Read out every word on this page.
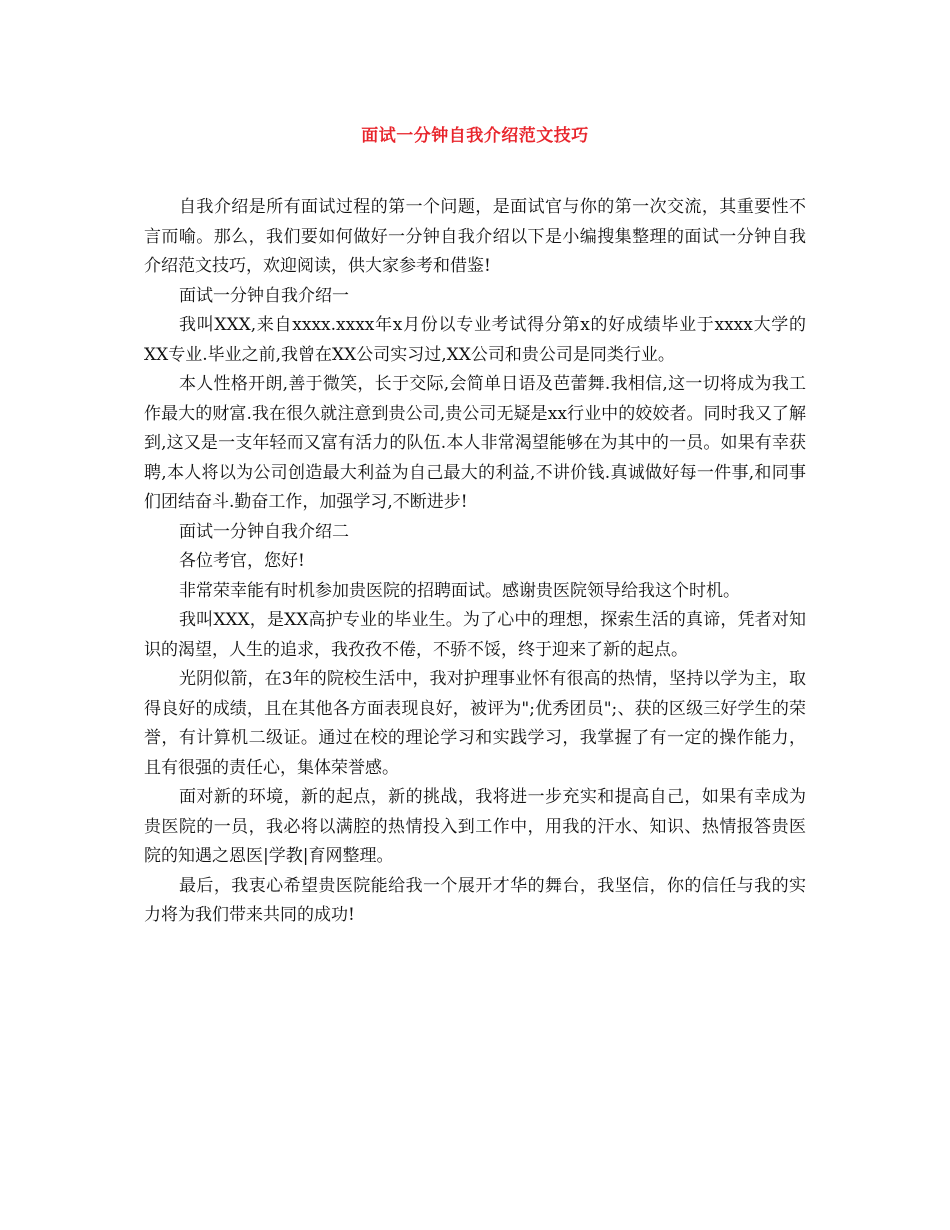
面试一分钟自我介绍范文技巧

自我介绍是所有面试过程的第一个问题，是面试官与你的第一次交流，其重要性不言而喻。那么，我们要如何做好一分钟自我介绍以下是小编搜集整理的面试一分钟自我介绍范文技巧，欢迎阅读，供大家参考和借鉴!

面试一分钟自我介绍一

我叫XXX,来自xxxx.xxxx年x月份以专业考试得分第x的好成绩毕业于xxxx大学的XX专业.毕业之前,我曾在XX公司实习过,XX公司和贵公司是同类行业。

本人性格开朗,善于微笑，长于交际,会简单日语及芭蕾舞.我相信,这一切将成为我工作最大的财富.我在很久就注意到贵公司,贵公司无疑是xx行业中的姣姣者。同时我又了解到,这又是一支年轻而又富有活力的队伍.本人非常渴望能够在为其中的一员。如果有幸获聘,本人将以为公司创造最大利益为自己最大的利益,不讲价钱.真诚做好每一件事,和同事们团结奋斗.勤奋工作，加强学习,不断进步!

面试一分钟自我介绍二

各位考官，您好!

非常荣幸能有时机参加贵医院的招聘面试。感谢贵医院领导给我这个时机。

我叫XXX，是XX高护专业的毕业生。为了心中的理想，探索生活的真谛，凭者对知识的渴望，人生的追求，我孜孜不倦，不骄不馁，终于迎来了新的起点。

光阴似箭，在3年的院校生活中，我对护理事业怀有很高的热情，坚持以学为主，取得良好的成绩，且在其他各方面表现良好，被评为";优秀团员";、获的区级三好学生的荣誉，有计算机二级证。通过在校的理论学习和实践学习，我掌握了有一定的操作能力，且有很强的责任心，集体荣誉感。

面对新的环境，新的起点，新的挑战，我将进一步充实和提高自己，如果有幸成为贵医院的一员，我必将以满腔的热情投入到工作中，用我的汗水、知识、热情报答贵医院的知遇之恩医|学教|育网整理。

最后，我衷心希望贵医院能给我一个展开才华的舞台，我坚信，你的信任与我的实力将为我们带来共同的成功!
